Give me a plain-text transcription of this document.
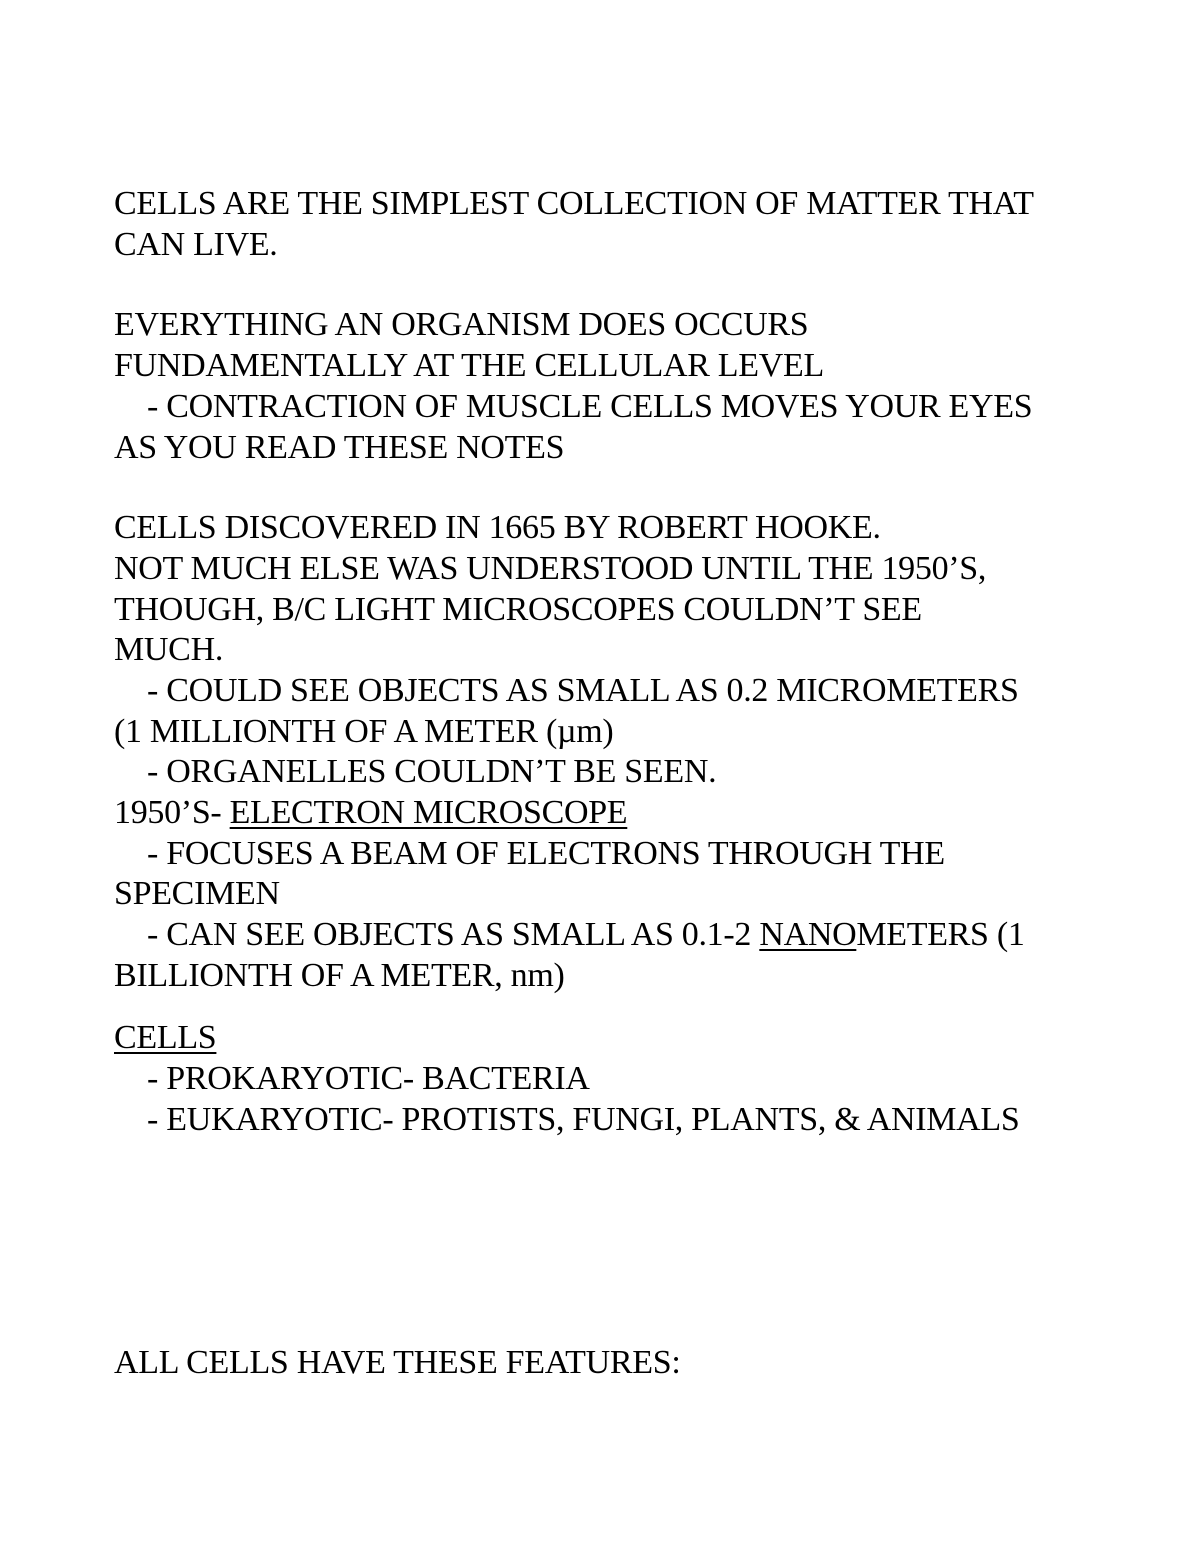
CELLS ARE THE SIMPLEST COLLECTION OF MATTER THAT
CAN LIVE.
EVERYTHING AN ORGANISM DOES OCCURS
FUNDAMENTALLY AT THE CELLULAR LEVEL
- CONTRACTION OF MUSCLE CELLS MOVES YOUR EYES
AS YOU READ THESE NOTES
CELLS DISCOVERED IN 1665 BY ROBERT HOOKE.
NOT MUCH ELSE WAS UNDERSTOOD UNTIL THE 1950’S,
THOUGH, B/C LIGHT MICROSCOPES COULDN’T SEE
MUCH.
- COULD SEE OBJECTS AS SMALL AS 0.2 MICROMETERS
(1 MILLIONTH OF A METER (µm)
- ORGANELLES COULDN’T BE SEEN.
1950’S- ELECTRON MICROSCOPE
- FOCUSES A BEAM OF ELECTRONS THROUGH THE
SPECIMEN
- CAN SEE OBJECTS AS SMALL AS 0.1-2 NANOMETERS (1
BILLIONTH OF A METER, nm)
CELLS
- PROKARYOTIC- BACTERIA
- EUKARYOTIC- PROTISTS, FUNGI, PLANTS, & ANIMALS
ALL CELLS HAVE THESE FEATURES:
